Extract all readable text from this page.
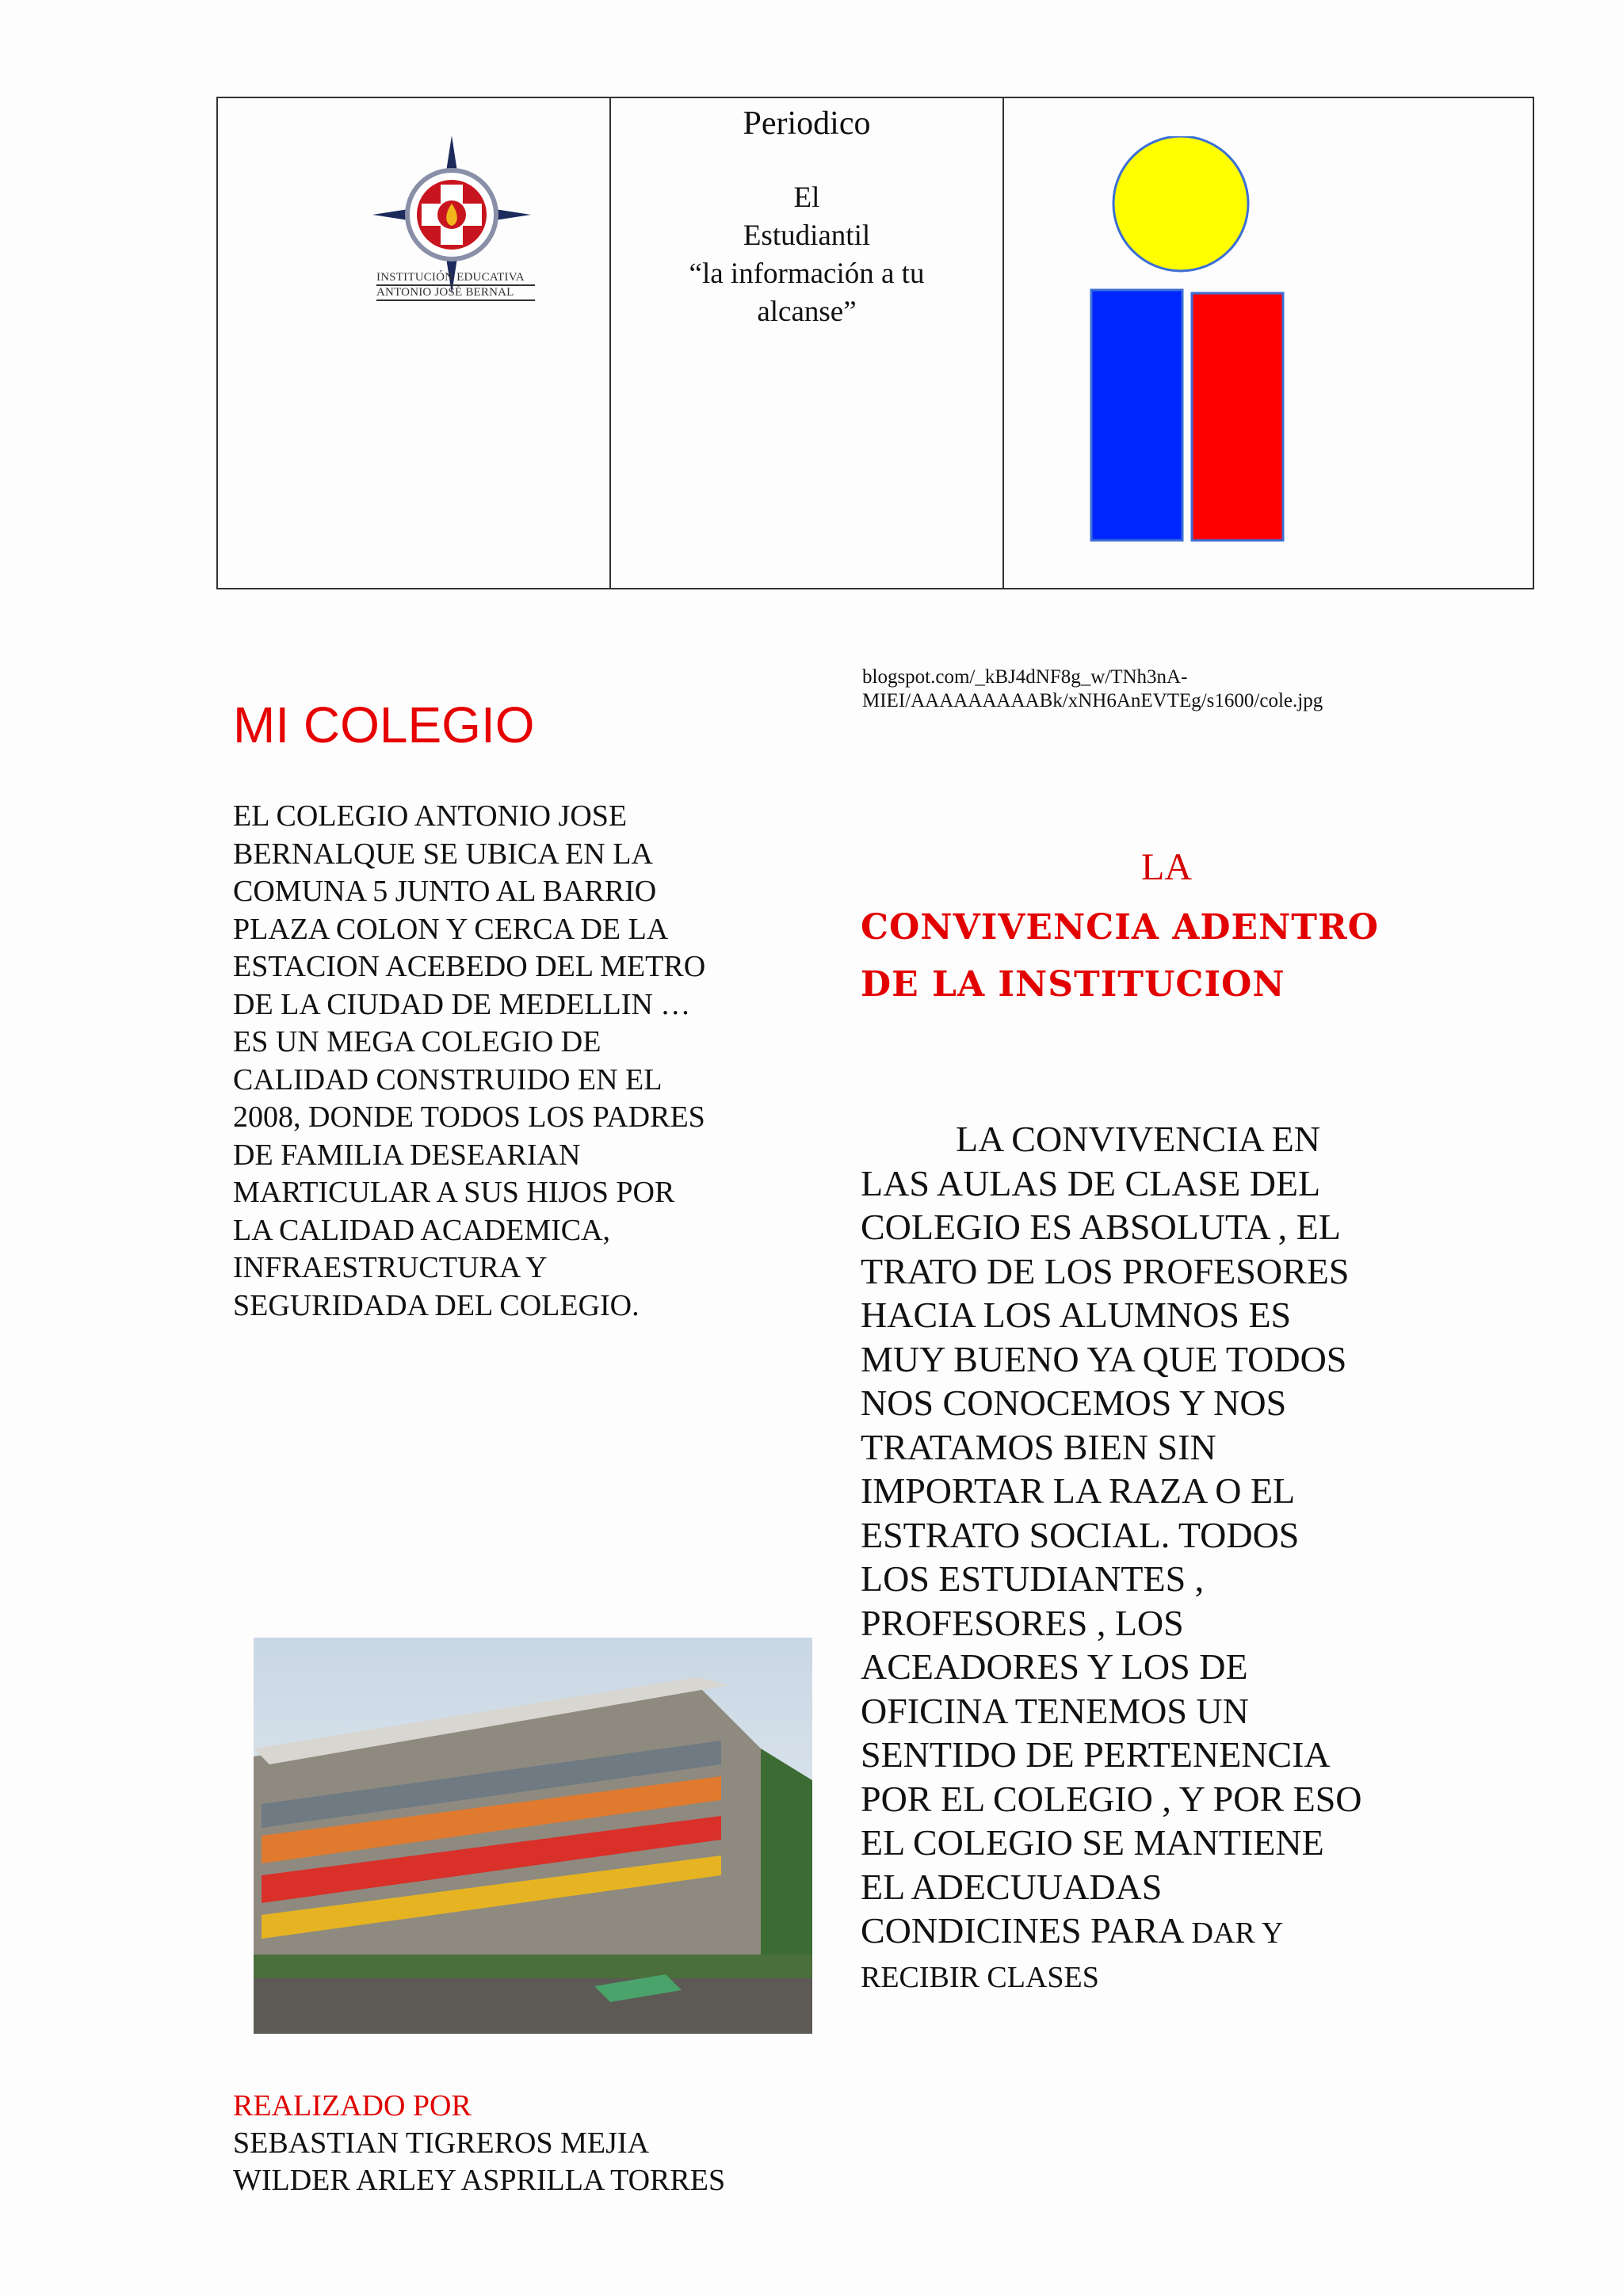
INSTITUCIÓN EDUCATIVA
ANTONIO JOSÉ BERNAL
Periodico
El
Estudiantil
“la información a tu
alcanse”
blogspot.com/_kBJ4dNF8g_w/TNh3nA-
MIEI/AAAAAAAAABk/xNH6AnEVTEg/s1600/cole.jpg
MI COLEGIO
EL COLEGIO ANTONIO JOSE
BERNALQUE SE UBICA EN LA
COMUNA 5 JUNTO AL BARRIO
PLAZA COLON Y CERCA DE LA
ESTACION ACEBEDO DEL METRO
DE LA CIUDAD DE MEDELLIN …
ES UN MEGA COLEGIO DE
CALIDAD CONSTRUIDO EN EL
2008, DONDE TODOS LOS PADRES
DE FAMILIA DESEARIAN
MARTICULAR A SUS HIJOS POR
LA CALIDAD ACADEMICA,
INFRAESTRUCTURA Y
SEGURIDADA DEL COLEGIO.
REALIZADO POR
SEBASTIAN TIGREROS MEJIA
WILDER ARLEY ASPRILLA TORRES
LA
CONVIVENCIA ADENTRO
DE LA INSTITUCION
LA CONVIVENCIA EN
LAS AULAS DE CLASE DEL
COLEGIO ES ABSOLUTA , EL
TRATO DE LOS PROFESORES
HACIA LOS ALUMNOS ES
MUY BUENO YA QUE TODOS
NOS CONOCEMOS Y NOS
TRATAMOS BIEN SIN
IMPORTAR LA RAZA O EL
ESTRATO SOCIAL. TODOS
LOS ESTUDIANTES ,
PROFESORES , LOS
ACEADORES Y LOS DE
OFICINA TENEMOS UN
SENTIDO DE PERTENENCIA
POR EL COLEGIO , Y POR ESO
EL COLEGIO SE MANTIENE
EL ADECUUADAS
CONDICINES PARA DAR Y
RECIBIR CLASES
